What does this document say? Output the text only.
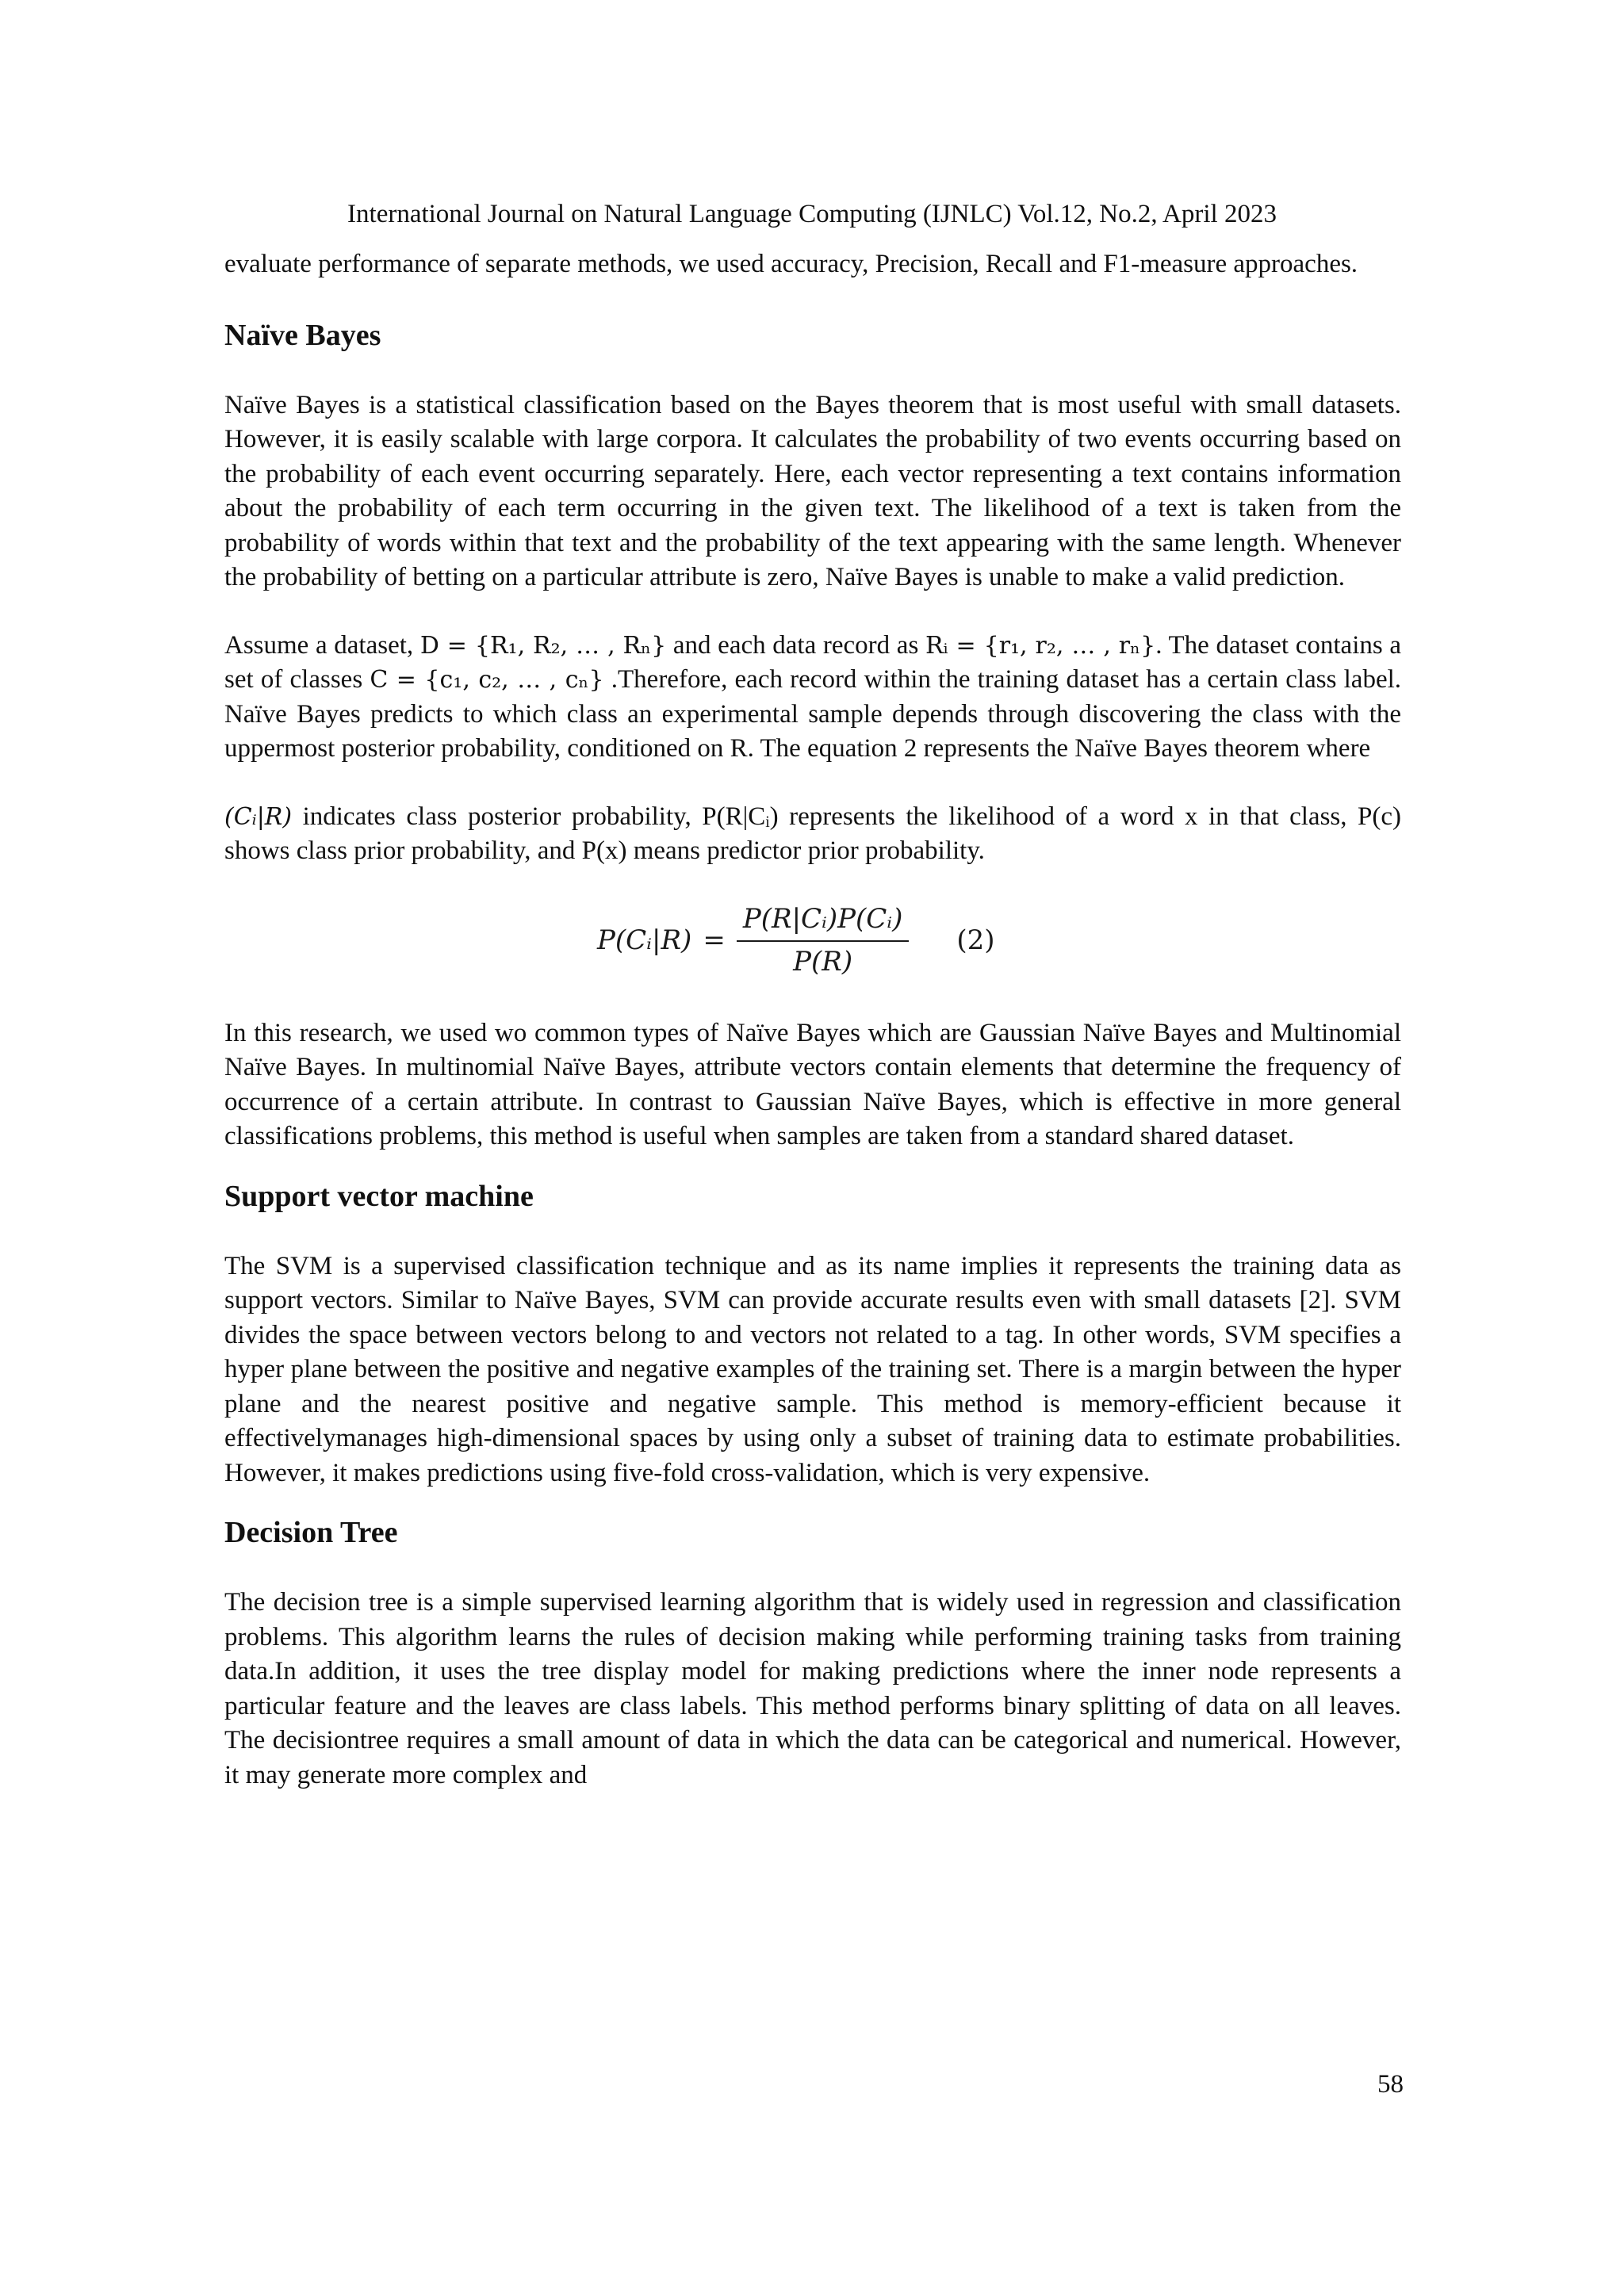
International Journal on Natural Language Computing (IJNLC) Vol.12, No.2, April 2023

evaluate performance of separate methods, we used accuracy, Precision, Recall and F1-measure approaches.

Naïve Bayes

Naïve Bayes is a statistical classification based on the Bayes theorem that is most useful with small datasets. However, it is easily scalable with large corpora. It calculates the probability of two events occurring based on the probability of each event occurring separately. Here, each vector representing a text contains information about the probability of each term occurring in the given text. The likelihood of a text is taken from the probability of words within that text and the probability of the text appearing with the same length. Whenever the probability of betting on a particular attribute is zero, Naïve Bayes is unable to make a valid prediction.

Assume a dataset, D = {R₁, R₂, … , Rₙ} and each data record as Rᵢ = {r₁, r₂, … , rₙ}. The dataset contains a set of classes C = {c₁, c₂, … , cₙ} .Therefore, each record within the training dataset has a certain class label. Naïve Bayes predicts to which class an experimental sample depends through discovering the class with the uppermost posterior probability, conditioned on R. The equation 2 represents the Naïve Bayes theorem where

(Cᵢ|R) indicates class posterior probability, P(R|Cᵢ) represents the likelihood of a word x in that class, P(c) shows class prior probability, and P(x) means predictor prior probability.

P(Cᵢ|R) = $\frac{\text{P(R|Cᵢ)P(Cᵢ)}}{P(R)} (2)$

In this research, we used wo common types of Naïve Bayes which are Gaussian Naïve Bayes and Multinomial Naïve Bayes. In multinomial Naïve Bayes, attribute vectors contain elements that determine the frequency of occurrence of a certain attribute. In contrast to Gaussian Naïve Bayes, which is effective in more general classifications problems, this method is useful when samples are taken from a standard shared dataset.

Support vector machine

The SVM is a supervised classification technique and as its name implies it represents the training data as support vectors. Similar to Naïve Bayes, SVM can provide accurate results even with small datasets [2]. SVM divides the space between vectors belong to and vectors not related to a tag. In other words, SVM specifies a hyper plane between the positive and negative examples of the training set. There is a margin between the hyper plane and the nearest positive and negative sample. This method is memory-efficient because it effectivelymanages high-dimensional spaces by using only a subset of training data to estimate probabilities. However, it makes predictions using five-fold cross-validation, which is very expensive.

Decision Tree

The decision tree is a simple supervised learning algorithm that is widely used in regression and classification problems. This algorithm learns the rules of decision making while performing training tasks from training data.In addition, it uses the tree display model for making predictions where the inner node represents a particular feature and the leaves are class labels. This method performs binary splitting of data on all leaves. The decisiontree requires a small amount of data in which the data can be categorical and numerical. However, it may generate more complex and

58
